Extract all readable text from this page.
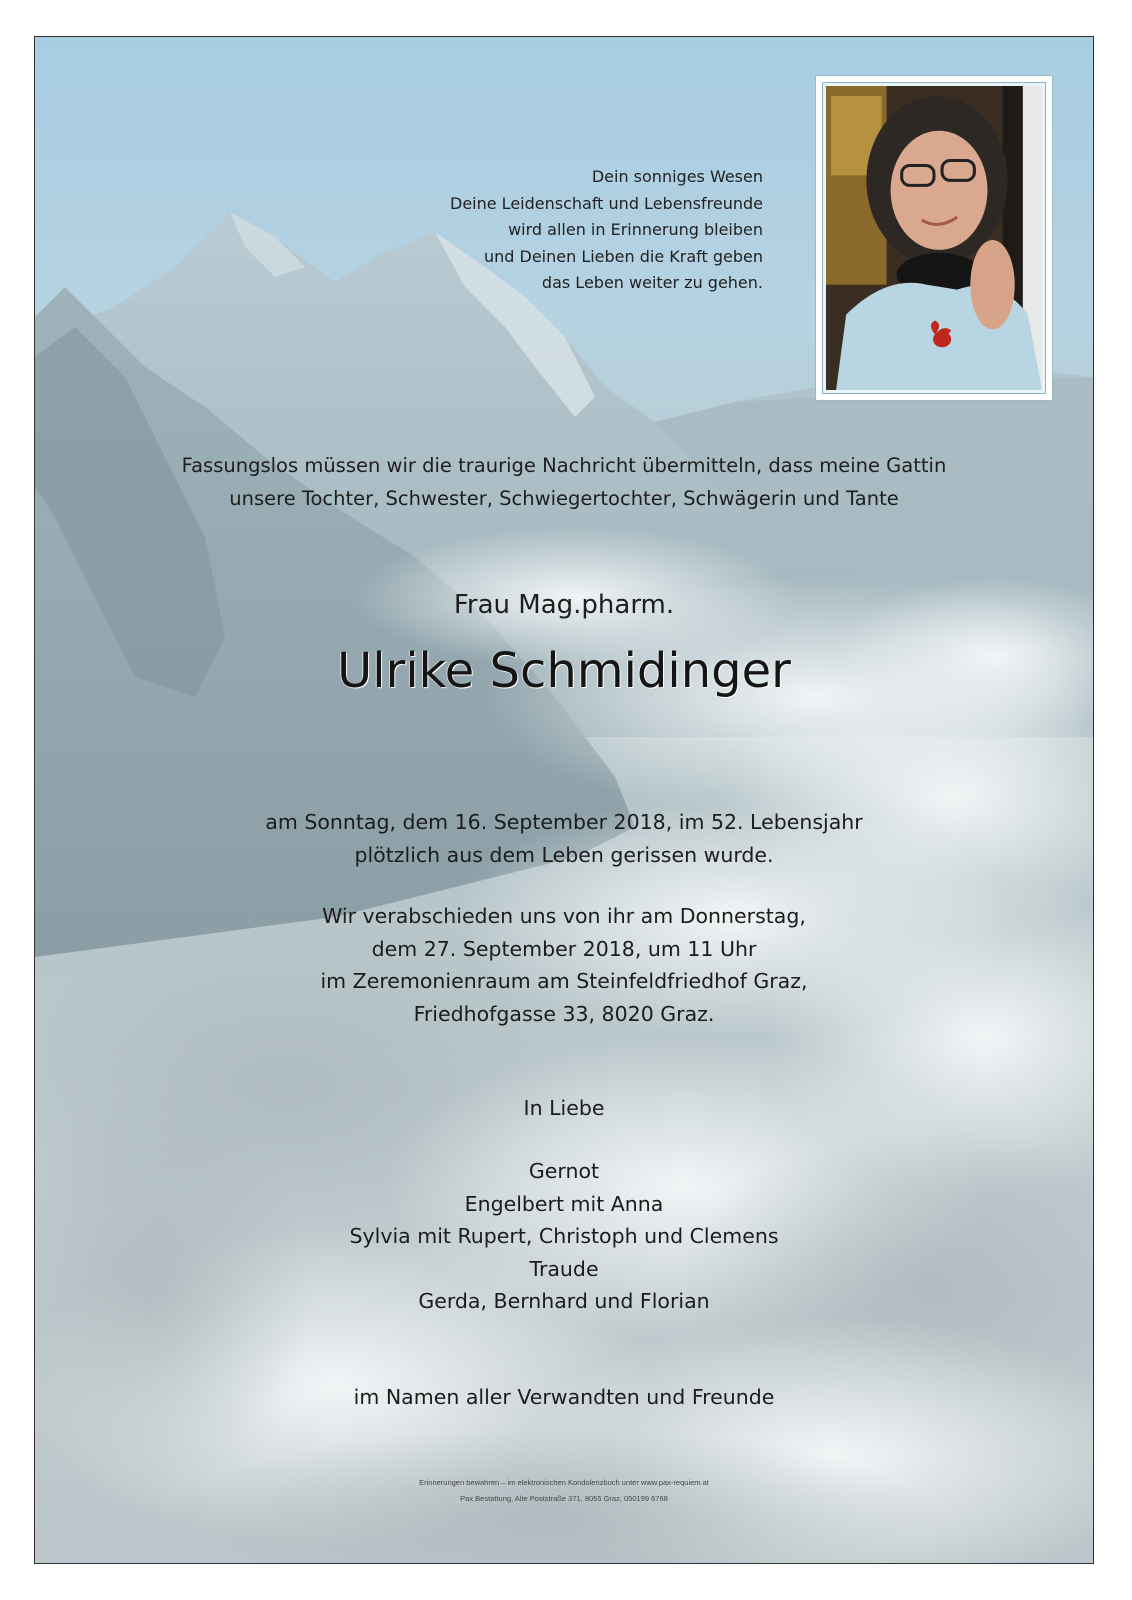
Dein sonniges Wesen
Deine Leidenschaft und Lebensfreunde
wird allen in Erinnerung bleiben
und Deinen Lieben die Kraft geben
das Leben weiter zu gehen.
Fassungslos müssen wir die traurige Nachricht übermitteln, dass meine Gattin
unsere Tochter, Schwester, Schwiegertochter, Schwägerin und Tante
Frau Mag.pharm.
Ulrike Schmidinger
am Sonntag, dem 16. September 2018, im 52. Lebensjahr
plötzlich aus dem Leben gerissen wurde.
Wir verabschieden uns von ihr am Donnerstag,
dem 27. September 2018, um 11 Uhr
im Zeremonienraum am Steinfeldfriedhof Graz,
Friedhofgasse 33, 8020 Graz.
In Liebe
Gernot
Engelbert mit Anna
Sylvia mit Rupert, Christoph und Clemens
Traude
Gerda, Bernhard und Florian
im Namen aller Verwandten und Freunde
Erinnerungen bewahren – im elektronischen Kondolenzbuch unter www.pax-requiem.at
Pax Bestattung, Alte Poststraße 371, 8055 Graz, 050199 6768
